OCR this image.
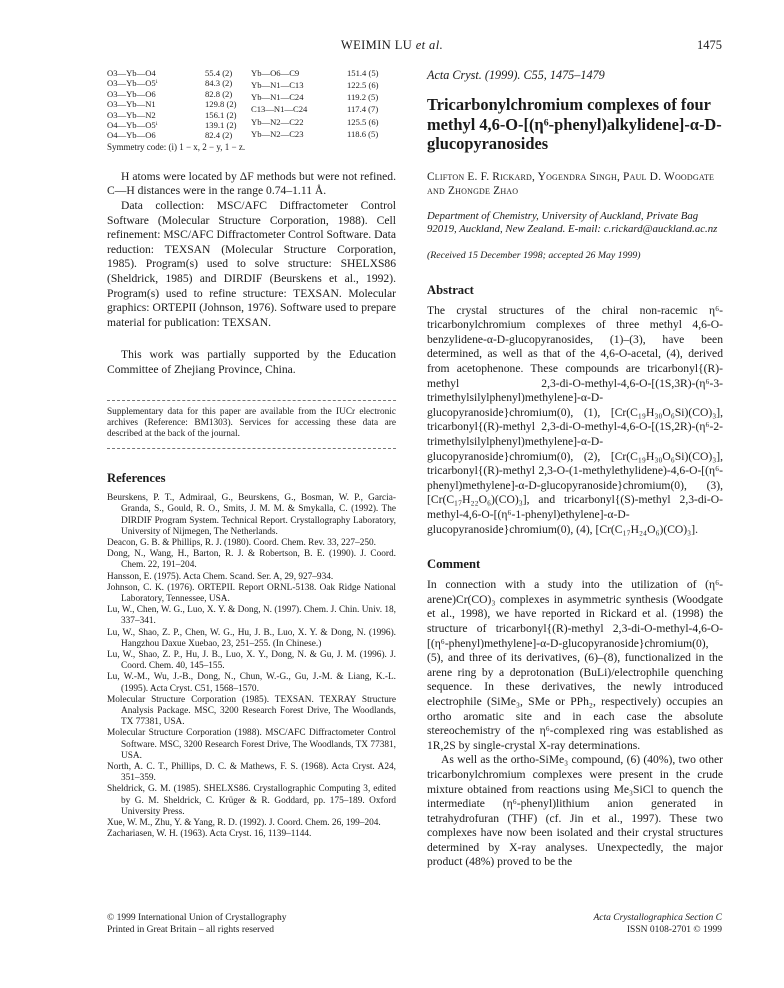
WEIMIN LU et al.	1475
O3—Yb—O4	55.4 (2)
O3—Yb—O5ⁱ	84.3 (2)
O3—Yb—O6	82.8 (2)
O3—Yb—N1	129.8 (2)
O3—Yb—N2	156.1 (2)
O4—Yb—O5ⁱ	139.1 (2)
O4—Yb—O6	82.4 (2)
Yb—O6—C9	151.4 (5)
Yb—N1—C13	122.5 (6)
Yb—N1—C24	119.2 (5)
C13—N1—C24	117.4 (7)
Yb—N2—C22	125.5 (6)
Yb—N2—C23	118.6 (5)
Symmetry code: (i) 1 − x, 2 − y, 1 − z.

H atoms were located by ΔF methods but were not refined. C—H distances were in the range 0.74–1.11 Å.

Data collection: MSC/AFC Diffractometer Control Software (Molecular Structure Corporation, 1988). Cell refinement: MSC/AFC Diffractometer Control Software. Data reduction: TEXSAN (Molecular Structure Corporation, 1985). Program(s) used to solve structure: SHELXS86 (Sheldrick, 1985) and DIRDIF (Beurskens et al., 1992). Program(s) used to refine structure: TEXSAN. Molecular graphics: ORTEPII (Johnson, 1976). Software used to prepare material for publication: TEXSAN.

This work was partially supported by the Education Committee of Zhejiang Province, China.

Supplementary data for this paper are available from the IUCr electronic archives (Reference: BM1303). Services for accessing these data are described at the back of the journal.
References

Beurskens, P. T., Admiraal, G., Beurskens, G., Bosman, W. P., Garcia-Granda, S., Gould, R. O., Smits, J. M. M. & Smykalla, C. (1992). The DIRDIF Program System. Technical Report. Crystallography Laboratory, University of Nijmegen, The Netherlands.

Deacon, G. B. & Phillips, R. J. (1980). Coord. Chem. Rev. 33, 227–250.

Dong, N., Wang, H., Barton, R. J. & Robertson, B. E. (1990). J. Coord. Chem. 22, 191–204.

Hansson, E. (1975). Acta Chem. Scand. Ser. A, 29, 927–934.

Johnson, C. K. (1976). ORTEPII. Report ORNL-5138. Oak Ridge National Laboratory, Tennessee, USA.

Lu, W., Chen, W. G., Luo, X. Y. & Dong, N. (1997). Chem. J. Chin. Univ. 18, 337–341.

Lu, W., Shao, Z. P., Chen, W. G., Hu, J. B., Luo, X. Y. & Dong, N. (1996). Hangzhou Daxue Xuebao, 23, 251–255. (In Chinese.)

Lu, W., Shao, Z. P., Hu, J. B., Luo, X. Y., Dong, N. & Gu, J. M. (1996). J. Coord. Chem. 40, 145–155.

Lu, W.-M., Wu, J.-B., Dong, N., Chun, W.-G., Gu, J.-M. & Liang, K.-L. (1995). Acta Cryst. C51, 1568–1570.

Molecular Structure Corporation (1985). TEXSAN. TEXRAY Structure Analysis Package. MSC, 3200 Research Forest Drive, The Woodlands, TX 77381, USA.

Molecular Structure Corporation (1988). MSC/AFC Diffractometer Control Software. MSC, 3200 Research Forest Drive, The Woodlands, TX 77381, USA.

North, A. C. T., Phillips, D. C. & Mathews, F. S. (1968). Acta Cryst. A24, 351–359.

Sheldrick, G. M. (1985). SHELXS86. Crystallographic Computing 3, edited by G. M. Sheldrick, C. Krüger & R. Goddard, pp. 175–189. Oxford University Press.

Xue, W. M., Zhu, Y. & Yang, R. D. (1992). J. Coord. Chem. 26, 199–204.

Zachariasen, W. H. (1963). Acta Cryst. 16, 1139–1144.

Acta Cryst. (1999). C55, 1475–1479
Tricarbonylchromium complexes of four methyl 4,6-O-[(η⁶-phenyl)alkylidene]-α-D-glucopyranosides
Clifton E. F. Rickard, Yogendra Singh, Paul D. Woodgate and Zhongde Zhao
Department of Chemistry, University of Auckland, Private Bag 92019, Auckland, New Zealand. E-mail: c.rickard@auckland.ac.nz
(Received 15 December 1998; accepted 26 May 1999)
Abstract

The crystal structures of the chiral non-racemic η⁶-tricarbonylchromium complexes of three methyl 4,6-O-benzylidene-α-D-glucopyranosides, (1)–(3), have been determined, as well as that of the 4,6-O-acetal, (4), derived from acetophenone. These compounds are tricarbonyl{(R)-methyl 2,3-di-O-methyl-4,6-O-[(1S,3R)-(η⁶-3-trimethylsilylphenyl)methylene]-α-D-glucopyranoside}chromium(0), (1), [Cr(C₁₉H₃₀O₆Si)(CO)₃], tricarbonyl{(R)-methyl 2,3-di-O-methyl-4,6-O-[(1S,2R)-(η⁶-2-trimethylsilylphenyl)methylene]-α-D-glucopyranoside}chromium(0), (2), [Cr(C₁₉H₃₀O₆Si)(CO)₃], tricarbonyl{(R)-methyl 2,3-O-(1-methylethylidene)-4,6-O-[(η⁶-phenyl)methylene]-α-D-glucopyranoside}chromium(0), (3), [Cr(C₁₇H₂₂O₆)(CO)₃], and tricarbonyl{(S)-methyl 2,3-di-O-methyl-4,6-O-[(η⁶-1-phenyl)ethylene]-α-D-glucopyranoside}chromium(0), (4), [Cr(C₁₇H₂₄O₆)(CO)₃].

Comment

In connection with a study into the utilization of (η⁶-arene)Cr(CO)₃ complexes in asymmetric synthesis (Woodgate et al., 1998), we have reported in Rickard et al. (1998) the structure of tricarbonyl{(R)-methyl 2,3-di-O-methyl-4,6-O-[(η⁶-phenyl)methylene]-α-D-glucopyranoside}chromium(0), (5), and three of its derivatives, (6)–(8), functionalized in the arene ring by a deprotonation (BuLi)/electrophile quenching sequence. In these derivatives, the newly introduced electrophile (SiMe₃, SMe or PPh₂, respectively) occupies an ortho aromatic site and in each case the absolute stereochemistry of the η⁶-complexed ring was established as 1R,2S by single-crystal X-ray determinations.

As well as the ortho-SiMe₃ compound, (6) (40%), two other tricarbonylchromium complexes were present in the crude mixture obtained from reactions using Me₃SiCl to quench the intermediate (η⁶-phenyl)lithium anion generated in tetrahydrofuran (THF) (cf. Jin et al., 1997). These two complexes have now been isolated and their crystal structures determined by X-ray analyses. Unexpectedly, the major product (48%) proved to be the

© 1999 International Union of Crystallography
Printed in Great Britain – all rights reserved
Acta Crystallographica Section C
ISSN 0108-2701 © 1999
